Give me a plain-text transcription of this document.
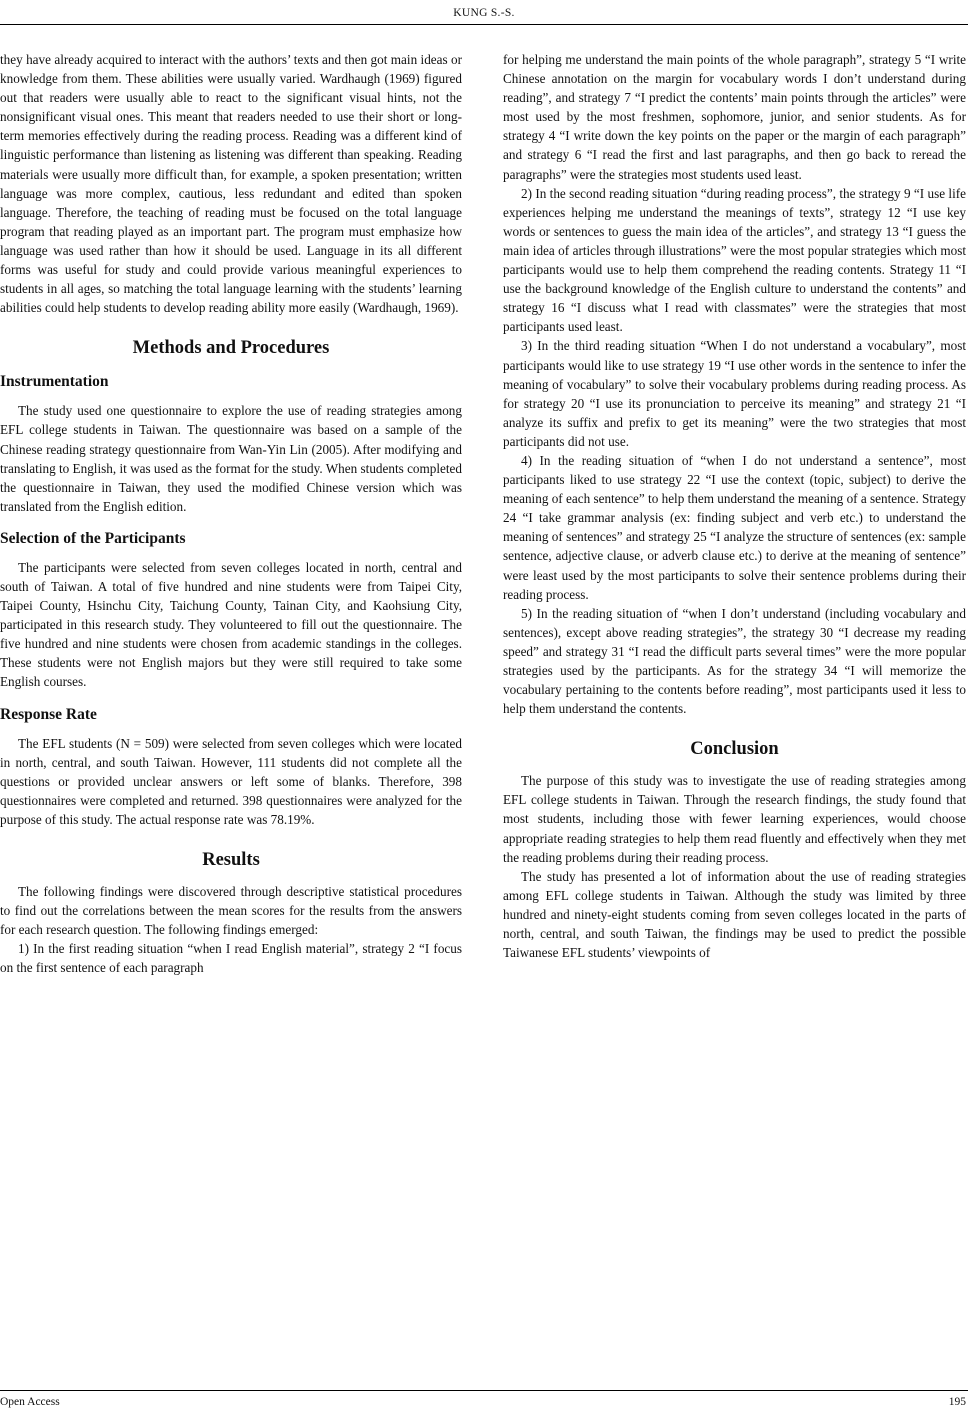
KUNG S.-S.

they have already acquired to interact with the authors’ texts and then got main ideas or knowledge from them. These abilities were usually varied. Wardhaugh (1969) figured out that readers were usually able to react to the significant visual hints, not the nonsignificant visual ones. This meant that readers needed to use their short or long-term memories effectively during the reading process. Reading was a different kind of linguistic performance than listening as listening was different than speaking. Reading materials were usually more difficult than, for example, a spoken presentation; written language was more complex, cautious, less redundant and edited than spoken language. Therefore, the teaching of reading must be focused on the total language program that reading played as an important part. The program must emphasize how language was used rather than how it should be used. Language in its all different forms was useful for study and could provide various meaningful experiences to students in all ages, so matching the total language learning with the students’ learning abilities could help students to develop reading ability more easily (Wardhaugh, 1969).

Methods and Procedures
Instrumentation

The study used one questionnaire to explore the use of reading strategies among EFL college students in Taiwan. The questionnaire was based on a sample of the Chinese reading strategy questionnaire from Wan-Yin Lin (2005). After modifying and translating to English, it was used as the format for the study. When students completed the questionnaire in Taiwan, they used the modified Chinese version which was translated from the English edition.

Selection of the Participants

The participants were selected from seven colleges located in north, central and south of Taiwan. A total of five hundred and nine students were from Taipei City, Taipei County, Hsinchu City, Taichung County, Tainan City, and Kaohsiung City, participated in this research study. They volunteered to fill out the questionnaire. The five hundred and nine students were chosen from academic standings in the colleges. These students were not English majors but they were still required to take some English courses.

Response Rate

The EFL students (N = 509) were selected from seven colleges which were located in north, central, and south Taiwan. However, 111 students did not complete all the questions or provided unclear answers or left some of blanks. Therefore, 398 questionnaires were completed and returned. 398 questionnaires were analyzed for the purpose of this study. The actual response rate was 78.19%.

Results

The following findings were discovered through descriptive statistical procedures to find out the correlations between the mean scores for the results from the answers for each research question. The following findings emerged:

1) In the first reading situation “when I read English material”, strategy 2 “I focus on the first sentence of each paragraph

for helping me understand the main points of the whole paragraph”, strategy 5 “I write Chinese annotation on the margin for vocabulary words I don’t understand during reading”, and strategy 7 “I predict the contents’ main points through the articles” were most used by the most freshmen, sophomore, junior, and senior students. As for strategy 4 “I write down the key points on the paper or the margin of each paragraph” and strategy 6 “I read the first and last paragraphs, and then go back to reread the paragraphs” were the strategies most students used least.

2) In the second reading situation “during reading process”, the strategy 9 “I use life experiences helping me understand the meanings of texts”, strategy 12 “I use key words or sentences to guess the main idea of the articles”, and strategy 13 “I guess the main idea of articles through illustrations” were the most popular strategies which most participants would use to help them comprehend the reading contents. Strategy 11 “I use the background knowledge of the English culture to understand the contents” and strategy 16 “I discuss what I read with classmates” were the strategies that most participants used least.

3) In the third reading situation “When I do not understand a vocabulary”, most participants would like to use strategy 19 “I use other words in the sentence to infer the meaning of vocabulary” to solve their vocabulary problems during reading process. As for strategy 20 “I use its pronunciation to perceive its meaning” and strategy 21 “I analyze its suffix and prefix to get its meaning” were the two strategies that most participants did not use.

4) In the reading situation of “when I do not understand a sentence”, most participants liked to use strategy 22 “I use the context (topic, subject) to derive the meaning of each sentence” to help them understand the meaning of a sentence. Strategy 24 “I take grammar analysis (ex: finding subject and verb etc.) to understand the meaning of sentences” and strategy 25 “I analyze the structure of sentences (ex: sample sentence, adjective clause, or adverb clause etc.) to derive at the meaning of sentence” were least used by the most participants to solve their sentence problems during their reading process.

5) In the reading situation of “when I don’t understand (including vocabulary and sentences), except above reading strategies”, the strategy 30 “I decrease my reading speed” and strategy 31 “I read the difficult parts several times” were the more popular strategies used by the participants. As for the strategy 34 “I will memorize the vocabulary pertaining to the contents before reading”, most participants used it less to help them understand the contents.

Conclusion

The purpose of this study was to investigate the use of reading strategies among EFL college students in Taiwan. Through the research findings, the study found that most students, including those with fewer learning experiences, would choose appropriate reading strategies to help them read fluently and effectively when they met the reading problems during their reading process.

The study has presented a lot of information about the use of reading strategies among EFL college students in Taiwan. Although the study was limited by three hundred and ninety-eight students coming from seven colleges located in the parts of north, central, and south Taiwan, the findings may be used to predict the possible Taiwanese EFL students’ viewpoints of

Open Access	195
